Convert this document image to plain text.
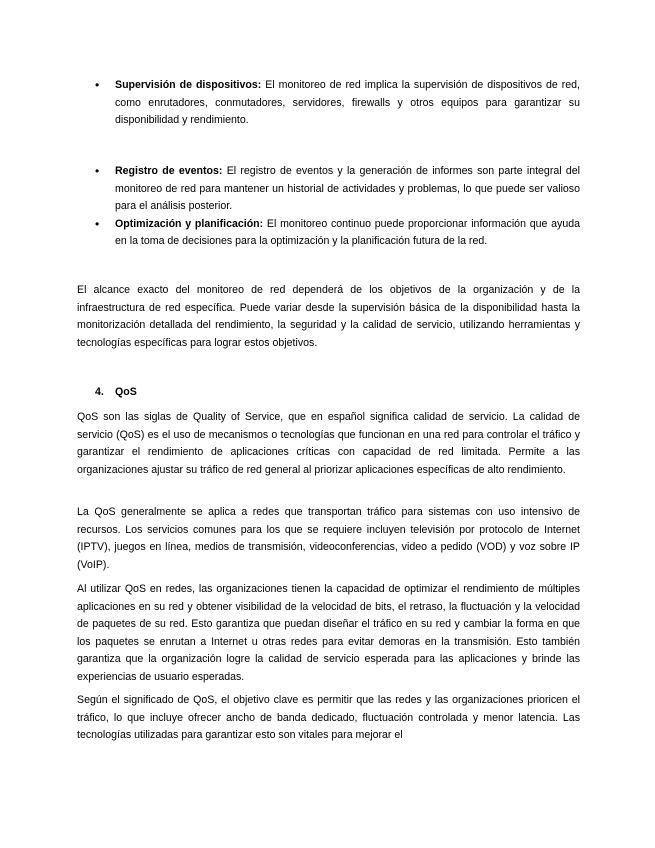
• Supervisión de dispositivos: El monitoreo de red implica la supervisión de dispositivos de red, como enrutadores, conmutadores, servidores, firewalls y otros equipos para garantizar su disponibilidad y rendimiento.
• Registro de eventos: El registro de eventos y la generación de informes son parte integral del monitoreo de red para mantener un historial de actividades y problemas, lo que puede ser valioso para el análisis posterior.
• Optimización y planificación: El monitoreo continuo puede proporcionar información que ayuda en la toma de decisiones para la optimización y la planificación futura de la red.

El alcance exacto del monitoreo de red dependerá de los objetivos de la organización y de la infraestructura de red específica. Puede variar desde la supervisión básica de la disponibilidad hasta la monitorización detallada del rendimiento, la seguridad y la calidad de servicio, utilizando herramientas y tecnologías específicas para lograr estos objetivos.

4. QoS

QoS son las siglas de Quality of Service, que en español significa calidad de servicio. La calidad de servicio (QoS) es el uso de mecanismos o tecnologías que funcionan en una red para controlar el tráfico y garantizar el rendimiento de aplicaciones críticas con capacidad de red limitada. Permite a las organizaciones ajustar su tráfico de red general al priorizar aplicaciones específicas de alto rendimiento.

La QoS generalmente se aplica a redes que transportan tráfico para sistemas con uso intensivo de recursos. Los servicios comunes para los que se requiere incluyen televisión por protocolo de Internet (IPTV), juegos en línea, medios de transmisión, videoconferencias, video a pedido (VOD) y voz sobre IP (VoIP).

Al utilizar QoS en redes, las organizaciones tienen la capacidad de optimizar el rendimiento de múltiples aplicaciones en su red y obtener visibilidad de la velocidad de bits, el retraso, la fluctuación y la velocidad de paquetes de su red. Esto garantiza que puedan diseñar el tráfico en su red y cambiar la forma en que los paquetes se enrutan a Internet u otras redes para evitar demoras en la transmisión. Esto también garantiza que la organización logre la calidad de servicio esperada para las aplicaciones y brinde las experiencias de usuario esperadas.

Según el significado de QoS, el objetivo clave es permitir que las redes y las organizaciones prioricen el tráfico, lo que incluye ofrecer ancho de banda dedicado, fluctuación controlada y menor latencia. Las tecnologías utilizadas para garantizar esto son vitales para mejorar el
